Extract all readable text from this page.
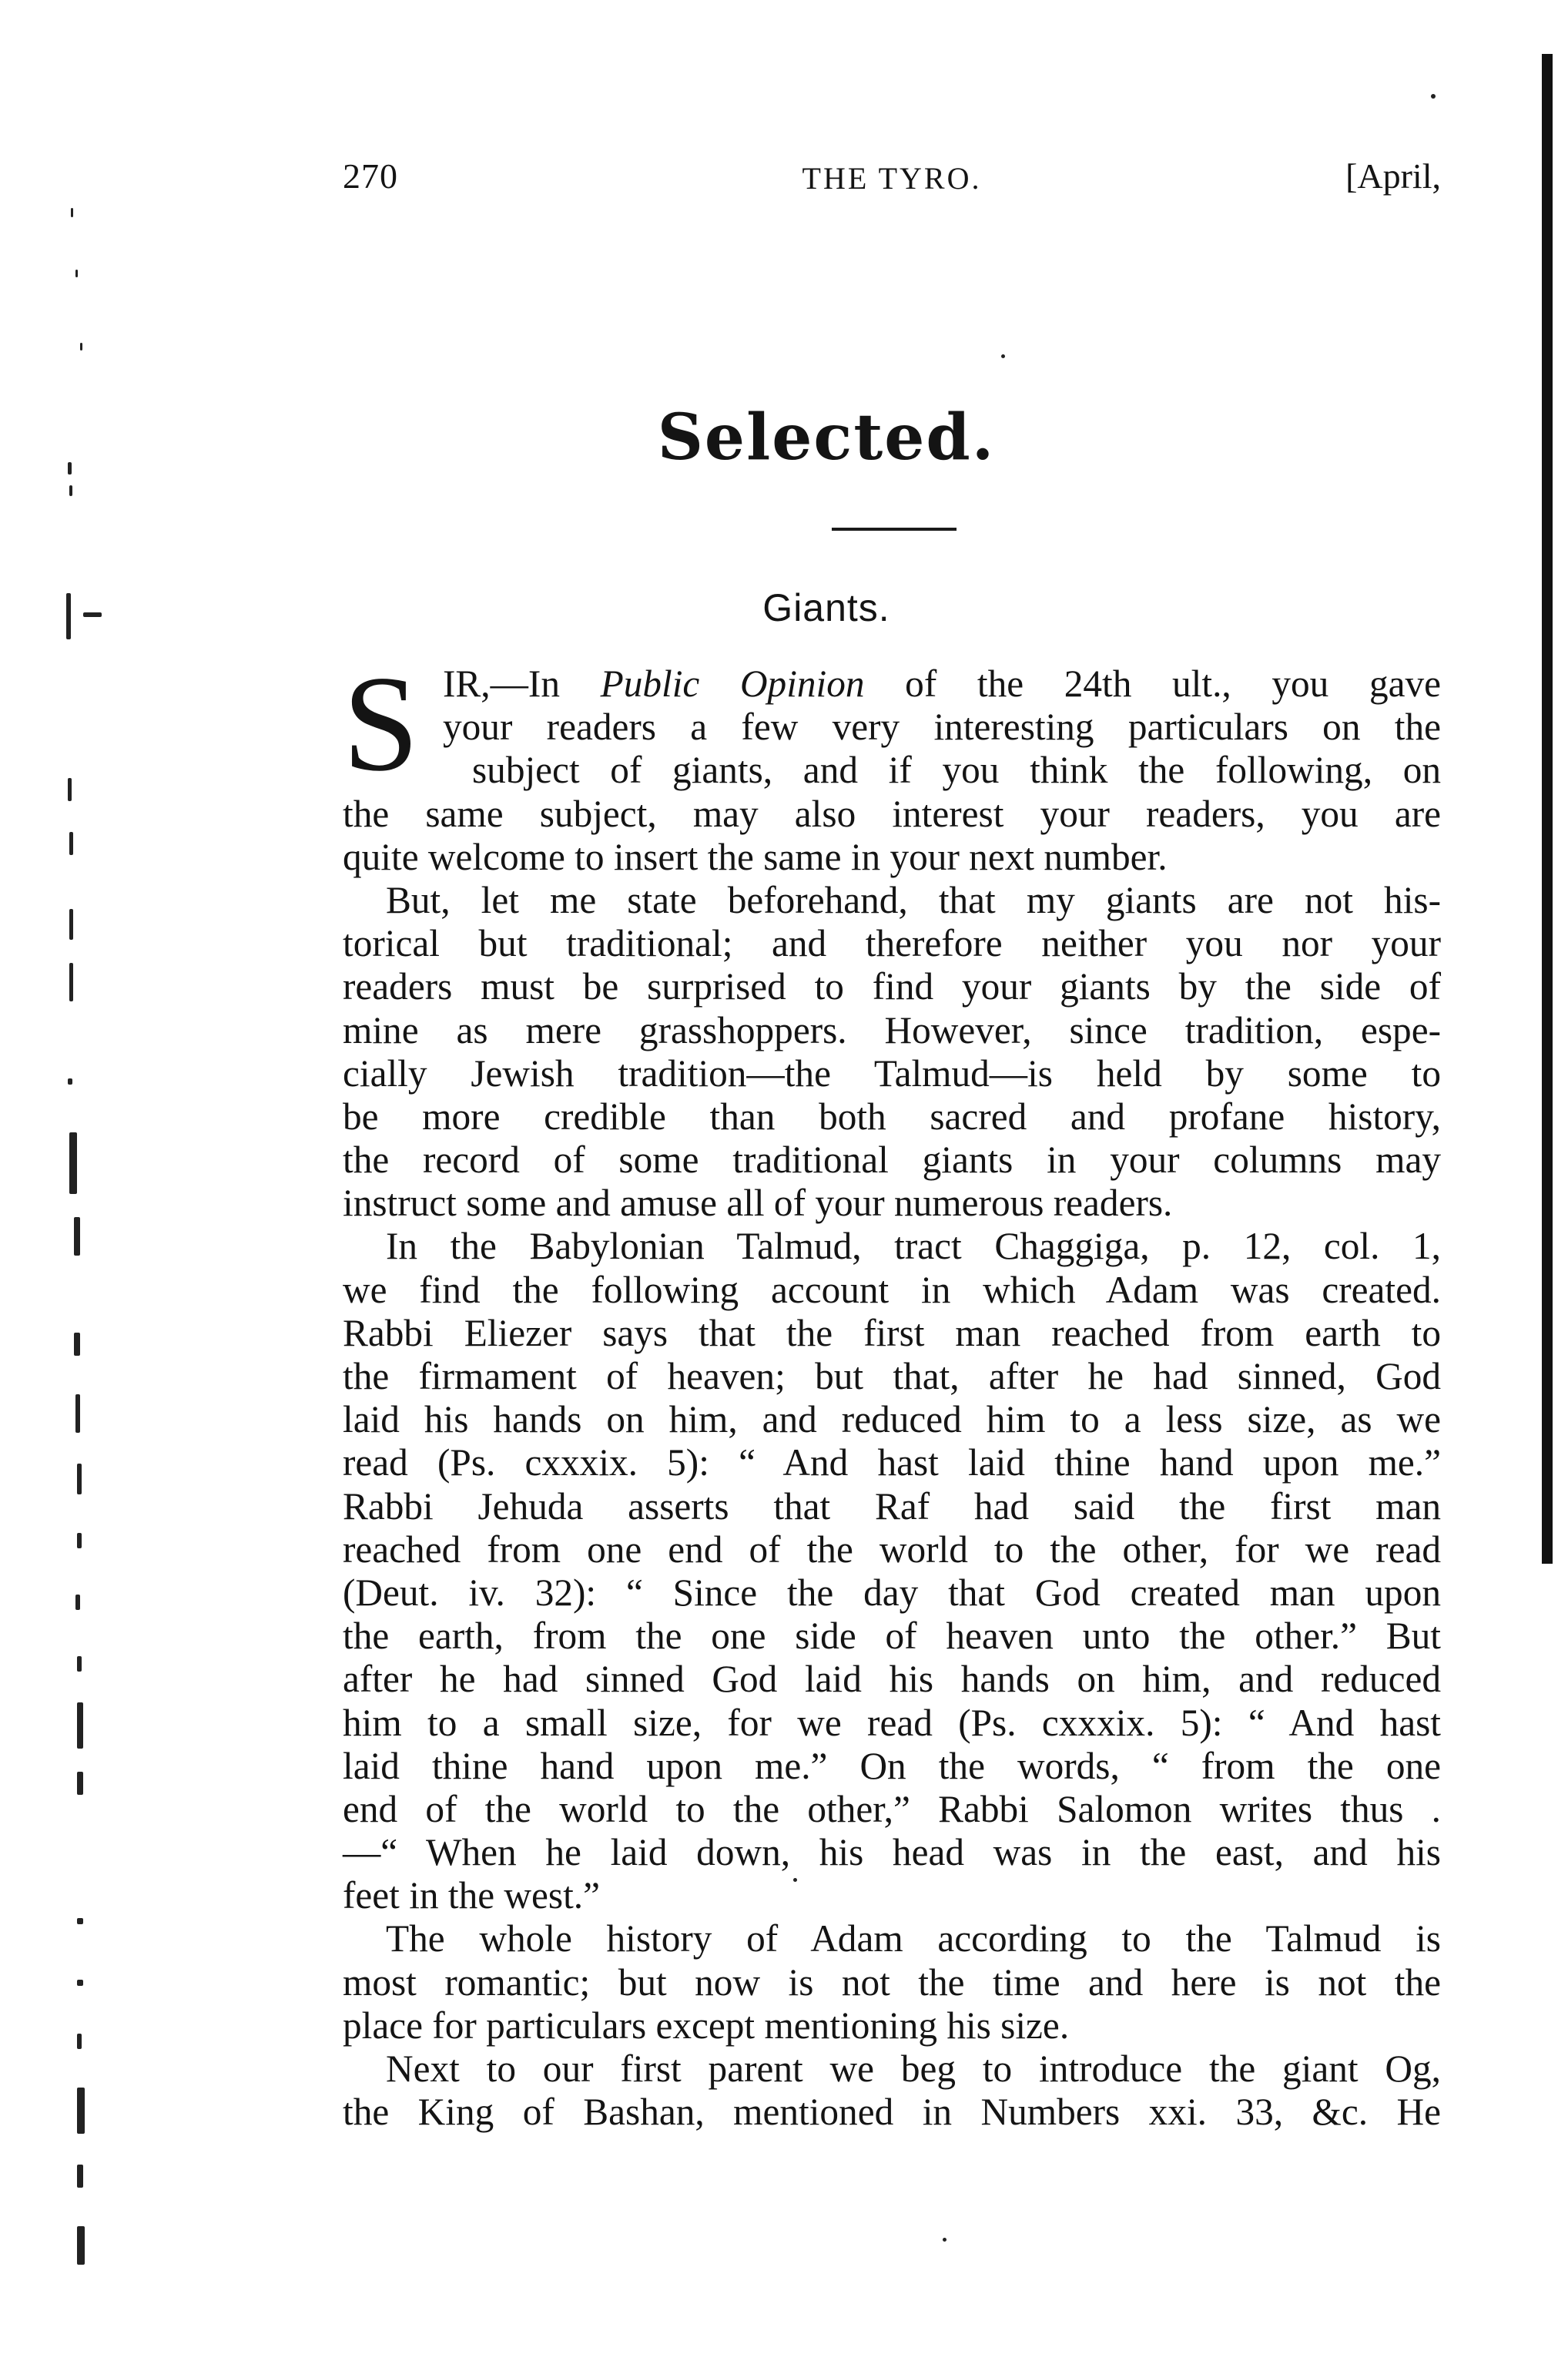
270	THE TYRO.	[April,
Selected.
Giants.
S IR,—In Public Opinion of the 24th ult., you gave
your readers a few very interesting particulars on the
subject of giants, and if you think the following, on
the same subject, may also interest your readers, you are
quite welcome to insert the same in your next number.
But, let me state beforehand, that my giants are not his-
torical but traditional; and therefore neither you nor your
readers must be surprised to find your giants by the side of
mine as mere grasshoppers. However, since tradition, espe-
cially Jewish tradition—the Talmud—is held by some to
be more credible than both sacred and profane history,
the record of some traditional giants in your columns may
instruct some and amuse all of your numerous readers.
In the Babylonian Talmud, tract Chaggiga, p. 12, col. 1,
we find the following account in which Adam was created.
Rabbi Eliezer says that the first man reached from earth to
the firmament of heaven; but that, after he had sinned, God
laid his hands on him, and reduced him to a less size, as we
read (Ps. cxxxix. 5): “ And hast laid thine hand upon me.”
Rabbi Jehuda asserts that Raf had said the first man
reached from one end of the world to the other, for we read
(Deut. iv. 32): “ Since the day that God created man upon
the earth, from the one side of heaven unto the other.” But
after he had sinned God laid his hands on him, and reduced
him to a small size, for we read (Ps. cxxxix. 5): “ And hast
laid thine hand upon me.” On the words, “ from the one
end of the world to the other,” Rabbi Salomon writes thus .
—“ When he laid down, his head was in the east, and his
feet in the west.”
The whole history of Adam according to the Talmud is
most romantic; but now is not the time and here is not the
place for particulars except mentioning his size.
Next to our first parent we beg to introduce the giant Og,
the King of Bashan, mentioned in Numbers xxi. 33, &c. He
